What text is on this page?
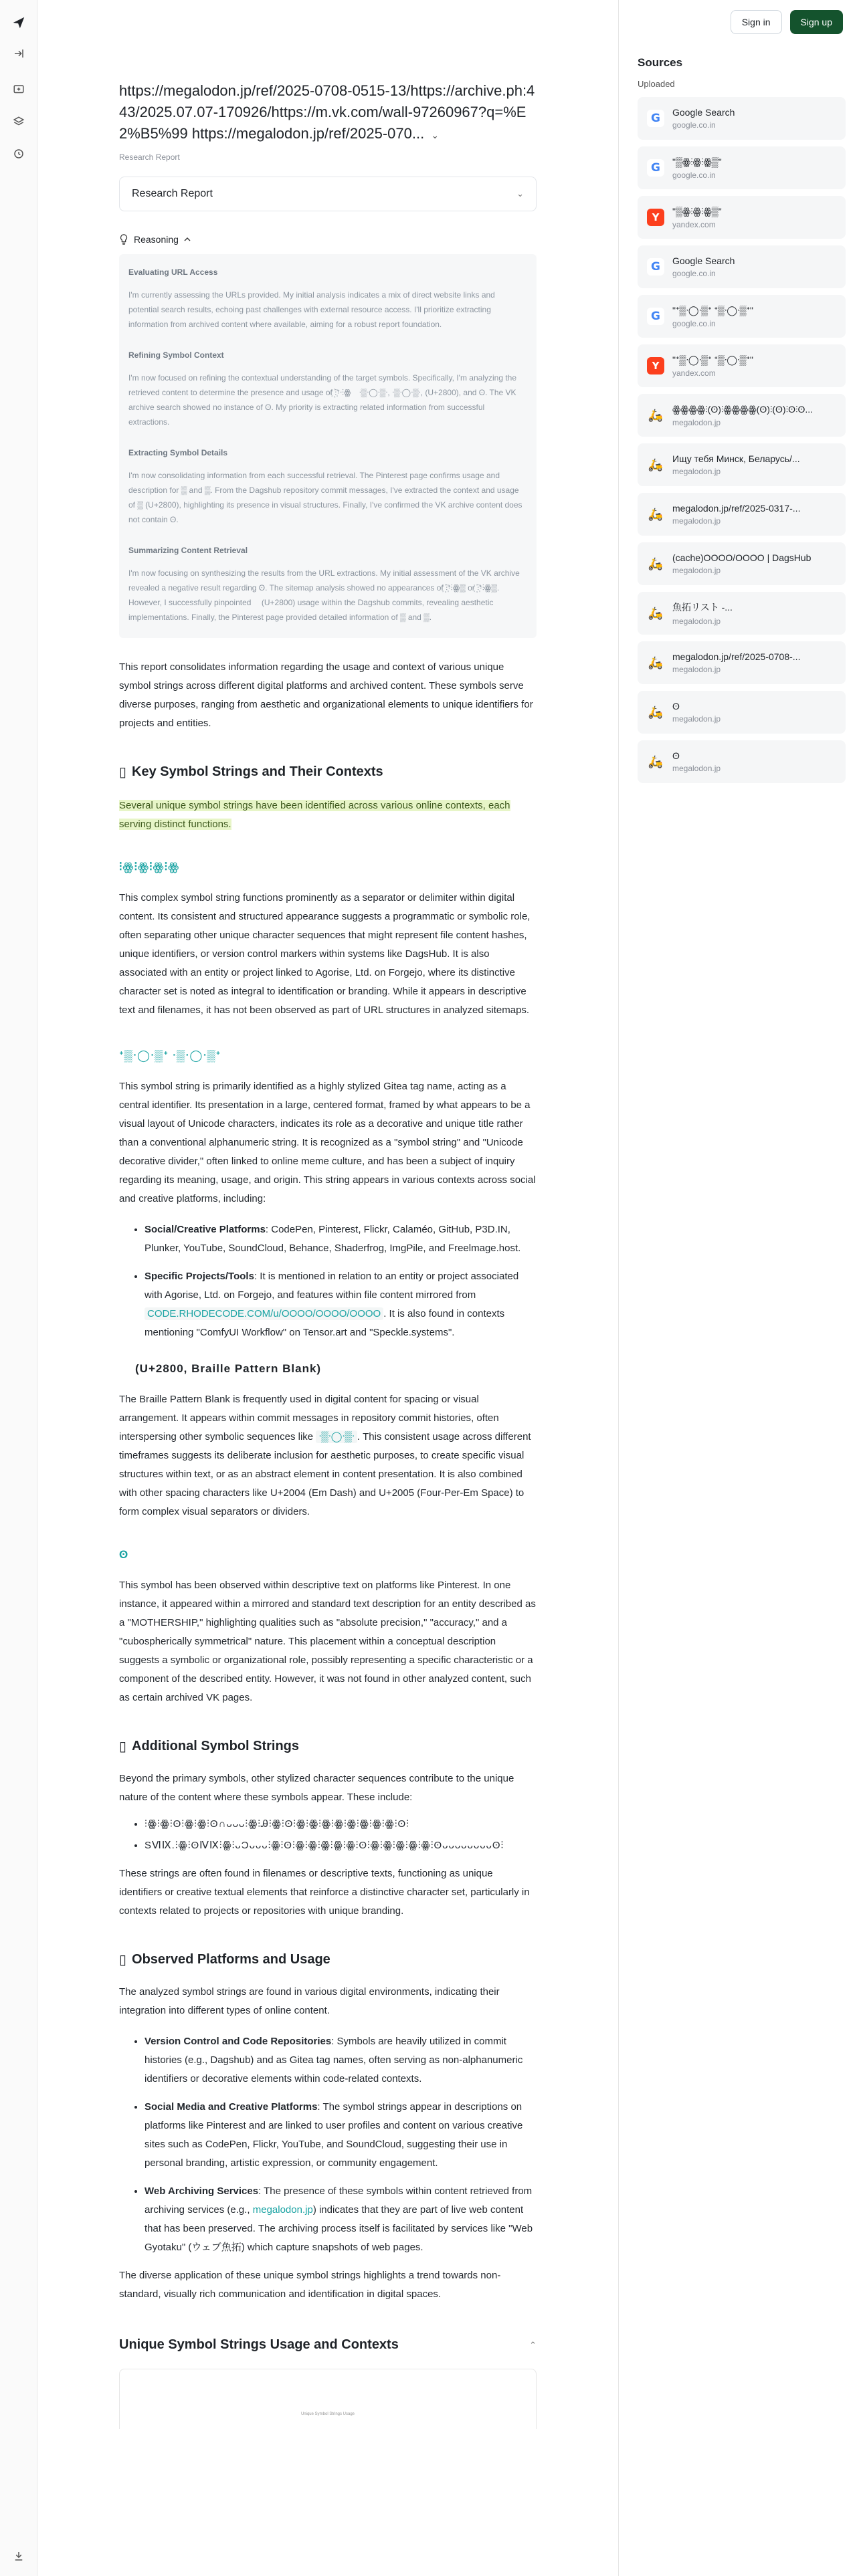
Sign in	Sign up
https://megalodon.jp/ref/2025-0708-0515-13/https://archive.ph:443/2025.07.07-170926/https://m.vk.com/wall-97260967?q=%E2%B5%99 https://megalodon.jp/ref/2025-070... ⌄
Research Report
Research Report	⌄
Reasoning
Evaluating URL Access
I'm currently assessing the URLs provided. My initial analysis indicates a mix of direct website links and potential search results, echoing past challenges with external resource access. I'll prioritize extracting information from archived content where available, aiming for a robust report foundation.
Refining Symbol Context
I'm now focused on refining the contextual understanding of the target symbols. Specifically, I'm analyzing the retrieved content to determine the presence and usage of ꙰⫶ᐩᐧ⫶ꙮ⠀ ᐧ▒ᐧ◯ᐧ▒ᐧ, ᐧ▒ᐧ◯ᐧ▒ᐧ, (U+2800), and ʘ. The VK archive search showed no instance of ʘ. My priority is extracting related information from successful extractions.
Extracting Symbol Details
I'm now consolidating information from each successful retrieval. The Pinterest page confirms usage and description for ▒ and ▒. From the Dagshub repository commit messages, I've extracted the context and usage of ▒ (U+2800), highlighting its presence in visual structures. Finally, I've confirmed the VK archive content does not contain ʘ.
Summarizing Content Retrieval
I'm now focusing on synthesizing the results from the URL extractions. My initial assessment of the VK archive revealed a negative result regarding ʘ. The sitemap analysis showed no appearances of ꙰⫶ᐩ⫶ꙮ▒ or ꙰⫶ᐩ⫶ꙮ▒. However, I successfully pinpointed ⠀ (U+2800) usage within the Dagshub commits, revealing aesthetic implementations. Finally, the Pinterest page provided detailed information of ▒ and ▒.

This report consolidates information regarding the usage and context of various unique symbol strings across different digital platforms and archived content. These symbols serve diverse purposes, ranging from aesthetic and organizational elements to unique identifiers for projects and entities.

▯ Key Symbol Strings and Their Contexts

Several unique symbol strings have been identified across various online contexts, each serving distinct functions.

⫶ꙮ⫶ꙮ⫶ꙮ⫶ꙮ

This complex symbol string functions prominently as a separator or delimiter within digital content. Its consistent and structured appearance suggests a programmatic or symbolic role, often separating other unique character sequences that might represent file content hashes, unique identifiers, or version control markers within systems like DagsHub. It is also associated with an entity or project linked to Agorise, Ltd. on Forgejo, where its distinctive character set is noted as integral to identification or branding. While it appears in descriptive text and filenames, it has not been observed as part of URL structures in analyzed sitemaps.

ᐩ▒ᐧ◯ᐧ▒ᐩ ᐧ▒ᐧ◯ᐧ▒ᐩ

This symbol string is primarily identified as a highly stylized Gitea tag name, acting as a central identifier. Its presentation in a large, centered format, framed by what appears to be a visual layout of Unicode characters, indicates its role as a decorative and unique title rather than a conventional alphanumeric string. It is recognized as a "symbol string" and "Unicode decorative divider," often linked to online meme culture, and has been a subject of inquiry regarding its meaning, usage, and origin. This string appears in various contexts across social and creative platforms, including:

• Social/Creative Platforms: CodePen, Pinterest, Flickr, Calaméo, GitHub, P3D.IN, Plunker, YouTube, SoundCloud, Behance, Shaderfrog, ImgPile, and Freelmage.host.
• Specific Projects/Tools: It is mentioned in relation to an entity or project associated with Agorise, Ltd. on Forgejo, and features within file content mirrored from CODE.RHODECODE.COM/u/OOOO/OOOO/OOOO . It is also found in contexts mentioning "ComfyUI Workflow" on Tensor.art and "Speckle.systems".
(U+2800, Braille Pattern Blank)

The Braille Pattern Blank is frequently used in digital content for spacing or visual arrangement. It appears within commit messages in repository commit histories, often interspersing other symbolic sequences like ᐧ▒ᐧ◯ᐧ▒ᐧ . This consistent usage across different timeframes suggests its deliberate inclusion for aesthetic purposes, to create specific visual structures within text, or as an abstract element in content presentation. It is also combined with other spacing characters like U+2004 (Em Dash) and U+2005 (Four-Per-Em Space) to form complex visual separators or dividers.

ʘ

This symbol has been observed within descriptive text on platforms like Pinterest. In one instance, it appeared within a mirrored and standard text description for an entity described as a "MOTHERSHIP," highlighting qualities such as "absolute precision," "accuracy," and a "cubospherically symmetrical" nature. This placement within a conceptual description suggests a symbolic or organizational role, possibly representing a specific characteristic or a component of the described entity. However, it was not found in other analyzed content, such as certain archived VK pages.

▯ Additional Symbol Strings

Beyond the primary symbols, other stylized character sequences contribute to the unique nature of the content where these symbols appear. These include:

• ⫶ꙮ⫶ꙮ⫶ʘ⫶ꙮ⫶ꙮ⫶ʘ∩ᴗᴗᴗ⫶ꙮ⫶Ꭿ⫶ꙮ⫶ʘ⫶ꙮ⫶ꙮ⫶ꙮ⫶ꙮ⫶ꙮ⫶ꙮ⫶ꙮ⫶ꙮ⫶ʘ⫶
• ЅⅥⅨ.⫶ꙮ⫶ʘⅣⅨ⫶ꙮ⫶ᴗƆᴗᴗᴗ⫶ꙮ⫶ʘ⫶ꙮ⫶ꙮ⫶ꙮ⫶ꙮ⫶ꙮ⫶ʘ⫶ꙮ⫶ꙮ⫶ꙮ⫶ꙮ⫶ꙮ⫶ʘᴗᴗᴗᴗᴗᴗᴗᴗʘ⫶

These strings are often found in filenames or descriptive texts, functioning as unique identifiers or creative textual elements that reinforce a distinctive character set, particularly in contexts related to projects or repositories with unique branding.

▯ Observed Platforms and Usage

The analyzed symbol strings are found in various digital environments, indicating their integration into different types of online content.

• Version Control and Code Repositories: Symbols are heavily utilized in commit histories (e.g., Dagshub) and as Gitea tag names, often serving as non-alphanumeric identifiers or decorative elements within code-related contexts.
• Social Media and Creative Platforms: The symbol strings appear in descriptions on platforms like Pinterest and are linked to user profiles and content on various creative sites such as CodePen, Flickr, YouTube, and SoundCloud, suggesting their use in personal branding, artistic expression, or community engagement.
• Web Archiving Services: The presence of these symbols within content retrieved from archiving services (e.g., megalodon.jp) indicates that they are part of live web content that has been preserved. The archiving process itself is facilitated by services like "Web Gyotaku" (ウェブ魚拓) which capture snapshots of web pages.

The diverse application of these unique symbol strings highlights a trend towards non-standard, visually rich communication and identification in digital spaces.

Unique Symbol Strings Usage and Contexts	⌃
Unique Symbol Strings Usage
Sources
Uploaded
G	Google Search
google.co.in
G	"▒ꙮ⫶ꙮ⫶ꙮ▒"
google.co.in
Y
"▒ꙮ⫶ꙮ⫶ꙮ▒"
yandex.com
G	Google Search
google.co.in
G	"ᐩ▒ᐧ◯ᐧ▒ᐩ ᐩ▒ᐧ◯ᐧ▒ᐩ"
google.co.in
Y
"ᐩ▒ᐧ◯ᐧ▒ᐩ ᐩ▒ᐧ◯ᐧ▒ᐩ"
yandex.com
🛵 ꙮꙮꙮꙮ⫶(ʘ)⫶ꙮꙮꙮꙮ(ʘ)⫶(ʘ)⫶ʘ⫶ʘ...
megalodon.jp
🛵 Ищу тебя Минск, Беларусь/...
megalodon.jp
🛵 megalodon.jp/ref/2025-0317-...
megalodon.jp
🛵 (cache)OOOO/OOOO | DagsHub
megalodon.jp
🛵 魚拓リスト -...
megalodon.jp
🛵 megalodon.jp/ref/2025-0708-...
megalodon.jp
🛵 ʘ
megalodon.jp
🛵 ʘ
megalodon.jp
